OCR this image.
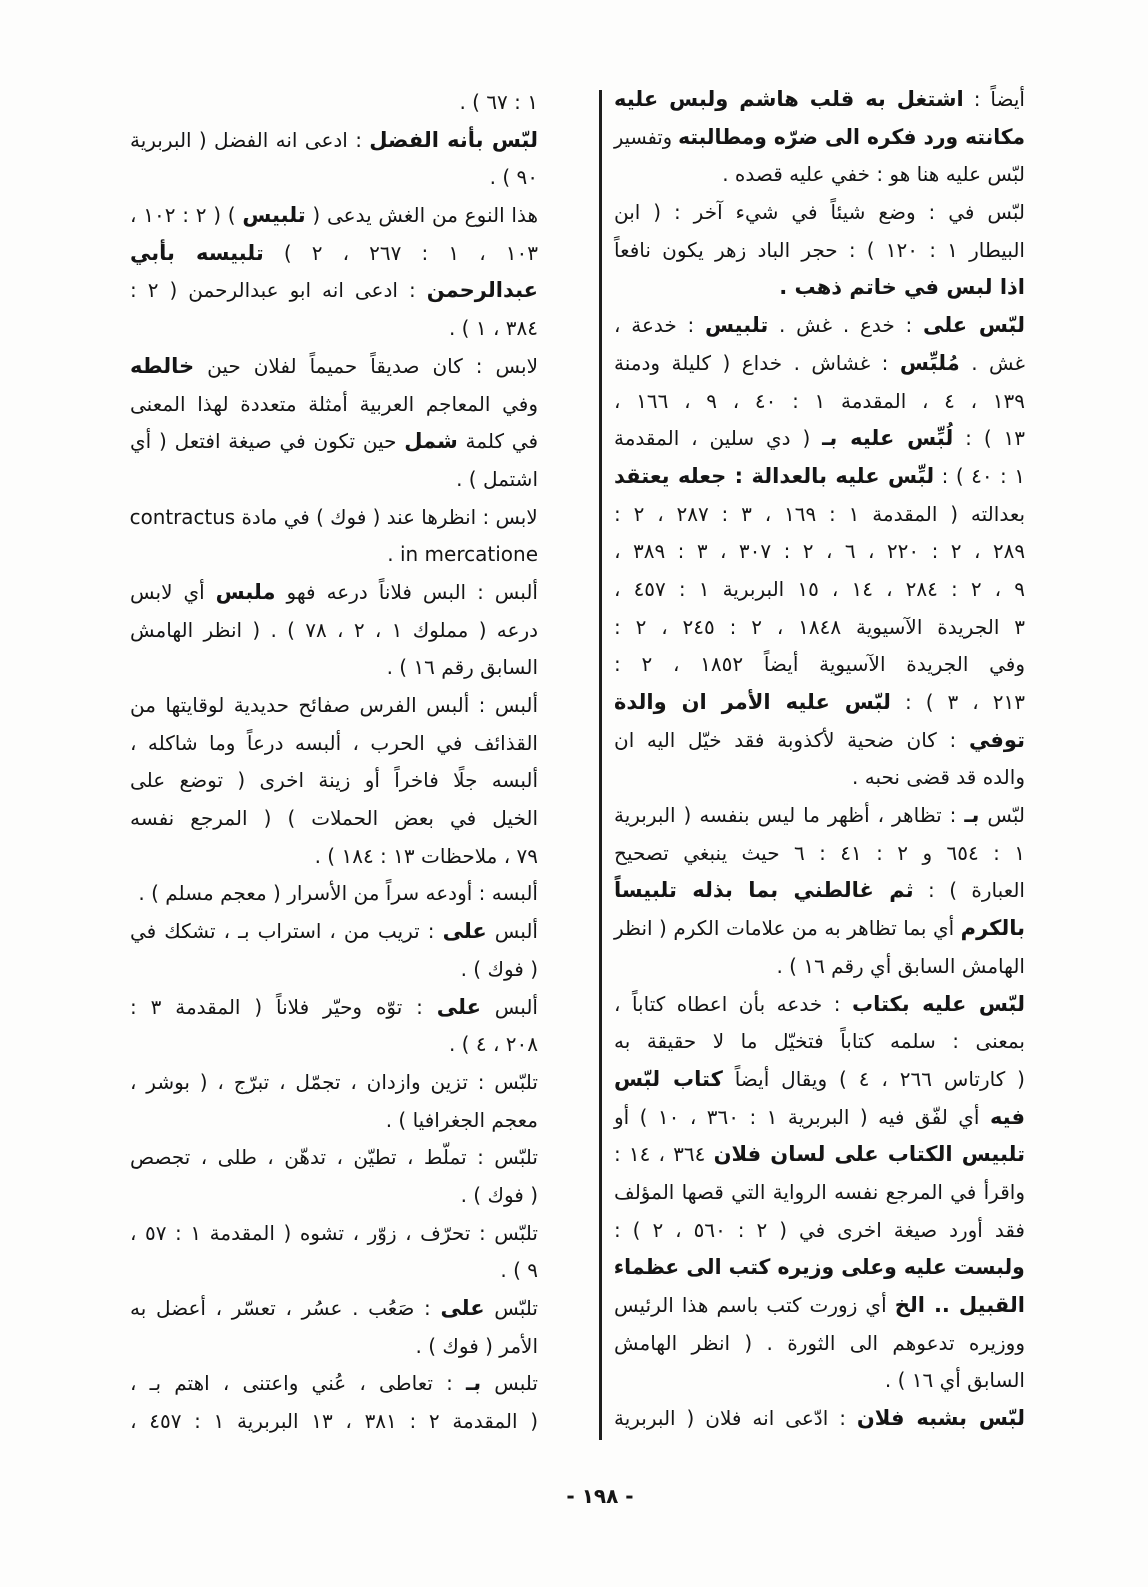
أيضاً : اشتغل به قلب هاشم ولبس عليه
مكانته ورد فكره الى ضرّه ومطالبته وتفسير
لبّس عليه هنا هو : خفي عليه قصده .
لبّس في : وضع شيئاً في شيء آخر : ( ابن
البيطار ١ : ١٢٠ ) : حجر الباد زهر يكون نافعاً
اذا لبس في خاتم ذهب .
لبّس على : خدع . غش . تلبيس : خدعة ،
غش . مُلبِّس : غشاش . خداع ( كليلة ودمنة
١٣٩ ، ٤ ، المقدمة ١ : ٤٠ ، ٩ ، ١٦٦ ،
١٣ ) : لُبِّس عليه بـ ( دي سلين ، المقدمة
١ : ٤٠ ) : لبِّس عليه بالعدالة : جعله يعتقد
بعدالته ( المقدمة ١ : ١٦٩ ، ٣ : ٢٨٧ ، ٢ :
٢٨٩ ، ٢ : ٢٢٠ ، ٦ ، ٢ : ٣٠٧ ، ٣ : ٣٨٩ ،
٩ ، ٢ : ٢٨٤ ، ١٤ ، ١٥ البربرية ١ : ٤٥٧ ،
٣ الجريدة الآسيوية ١٨٤٨ ، ٢ : ٢٤٥ ، ٢ :
وفي الجريدة الآسيوية أيضاً ١٨٥٢ ، ٢ :
٢١٣ ، ٣ ) : لبّس عليه الأمر ان والدة
توفي : كان ضحية لأكذوبة فقد خيّل اليه ان
والده قد قضى نحبه .
لبّس بـ : تظاهر ، أظهر ما ليس بنفسه ( البربرية
١ : ٦٥٤ و ٢ : ٤١ : ٦ حيث ينبغي تصحيح
العبارة ) : ثم غالطني بما بذله تلبيساً
بالكرم أي بما تظاهر به من علامات الكرم ( انظر
الهامش السابق أي رقم ١٦ ) .
لبّس عليه بكتاب : خدعه بأن اعطاه كتاباً ،
بمعنى : سلمه كتاباً فتخيّل ما لا حقيقة به
( كارتاس ٢٦٦ ، ٤ ) ويقال أيضاً كتاب لبّس
فيه أي لفّق فيه ( البربرية ١ : ٣٦٠ ، ١٠ ) أو
تلبيس الكتاب على لسان فلان ٣٦٤ ، ١٤ :
واقرأ في المرجع نفسه الرواية التي قصها المؤلف
فقد أورد صيغة اخرى في ( ٢ : ٥٦٠ ، ٢ ) :
ولبست عليه وعلى وزيره كتب الى عظماء
القبيل .. الخ أي زورت كتب باسم هذا الرئيس
ووزيره تدعوهم الى الثورة . ( انظر الهامش
السابق أي ١٦ ) .
لبّس بشبه فلان : ادّعى انه فلان ( البربرية
١ : ٦٧ ) .
لبّس بأنه الفضل : ادعى انه الفضل ( البربرية
٩٠ ) .
هذا النوع من الغش يدعى ( تلبيس ) ( ٢ : ١٠٢ ،
١٠٣ ، ١ : ٢٦٧ ، ٢ ) تلبيسه بأبي
عبدالرحمن : ادعى انه ابو عبدالرحمن ( ٢ :
٣٨٤ ، ١ ) .
لابس : كان صديقاً حميماً لفلان حين خالطه
وفي المعاجم العربية أمثلة متعددة لهذا المعنى
في كلمة شمل حين تكون في صيغة افتعل ( أي
اشتمل ) .
لابس : انظرها عند ( فوك ) في مادة contractus
in mercatione .
ألبس : البس فلاناً درعه فهو ملبس أي لابس
درعه ( مملوك ١ ، ٢ ، ٧٨ ) . ( انظر الهامش
السابق رقم ١٦ ) .
ألبس : ألبس الفرس صفائح حديدية لوقايتها من
القذائف في الحرب ، ألبسه درعاً وما شاكله ،
ألبسه جلًا فاخراً أو زينة اخرى ( توضع على
الخيل في بعض الحملات ) ( المرجع نفسه
٧٩ ، ملاحظات ١٣ : ١٨٤ ) .
ألبسه : أودعه سراً من الأسرار ( معجم مسلم ) .
ألبس على : تريب من ، استراب بـ ، تشكك في
( فوك ) .
ألبس على : توّه وحيّر فلاناً ( المقدمة ٣ :
٢٠٨ ، ٤ ) .
تلبّس : تزين وازدان ، تجمّل ، تبرّج ، ( بوشر ،
معجم الجغرافيا ) .
تلبّس : تملّط ، تطيّن ، تدهّن ، طلى ، تجصص
( فوك ) .
تلبّس : تحرّف ، زوّر ، تشوه ( المقدمة ١ : ٥٧ ،
٩ ) .
تلبّس على : صَعُب . عسُر ، تعسّر ، أعضل به
الأمر ( فوك ) .
تلبس بـ : تعاطى ، عُني واعتنى ، اهتم بـ ،
( المقدمة ٢ : ٣٨١ ، ١٣ البربرية ١ : ٤٥٧ ،
- ١٩٨ -
